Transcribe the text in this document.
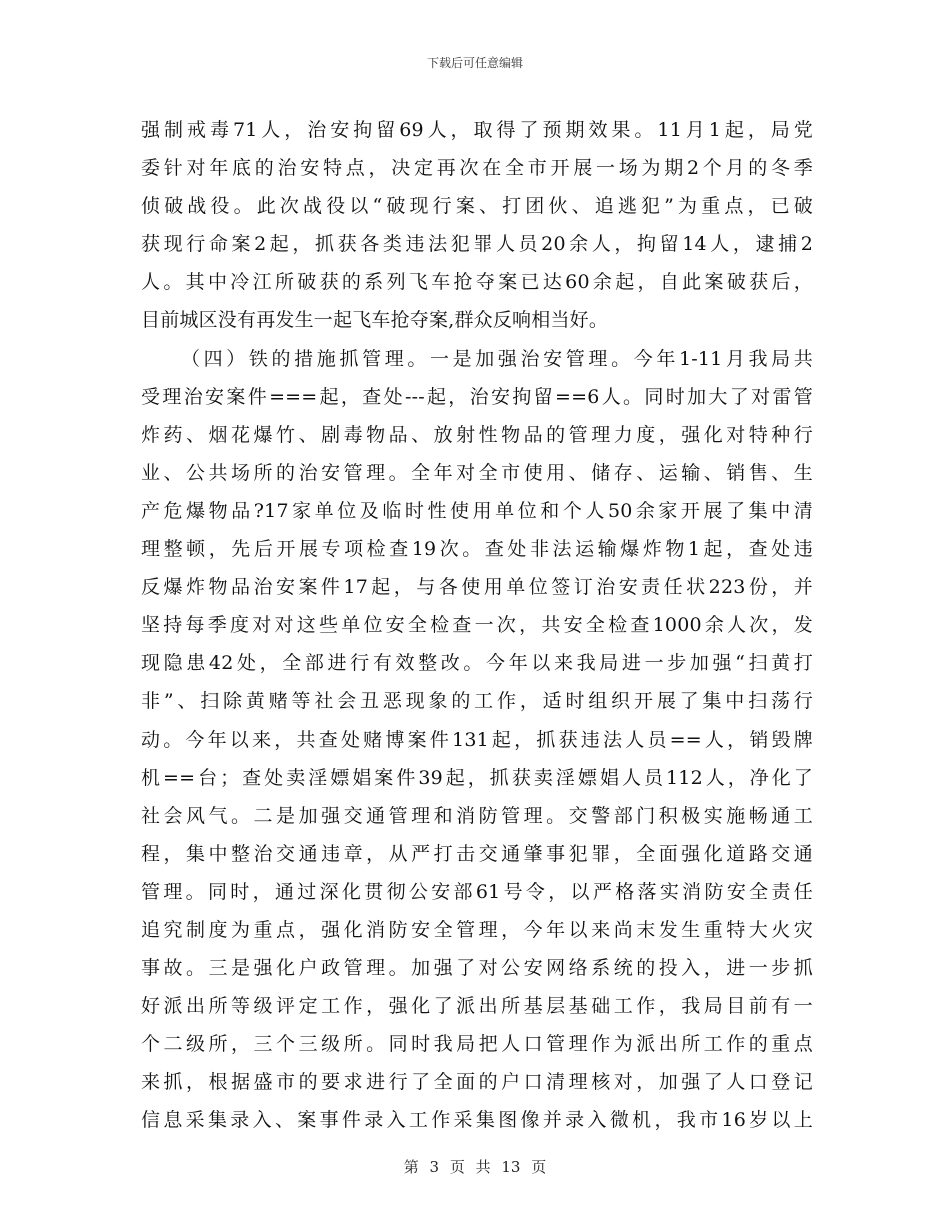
下载后可任意编辑
强制戒毒71人，治安拘留69人，取得了预期效果。11月1起，局党
委针对年底的治安特点，决定再次在全市开展一场为期2个月的冬季
侦破战役。此次战役以“破现行案、打团伙、追逃犯”为重点，已破
获现行命案2起，抓获各类违法犯罪人员20余人，拘留14人，逮捕2
人。其中冷江所破获的系列飞车抢夺案已达60余起，自此案破获后，
目前城区没有再发生一起飞车抢夺案,群众反响相当好。
（四）铁的措施抓管理。一是加强治安管理。今年1-11月我局共
受理治安案件===起，查处---起，治安拘留==6人。同时加大了对雷管
炸药、烟花爆竹、剧毒物品、放射性物品的管理力度，强化对特种行
业、公共场所的治安管理。全年对全市使用、储存、运输、销售、生
产危爆物品?17家单位及临时性使用单位和个人50余家开展了集中清
理整顿，先后开展专项检查19次。查处非法运输爆炸物1起，查处违
反爆炸物品治安案件17起，与各使用单位签订治安责任状223份，并
坚持每季度对对这些单位安全检查一次，共安全检查1000余人次，发
现隐患42处，全部进行有效整改。今年以来我局进一步加强“扫黄打
非”、扫除黄赌等社会丑恶现象的工作，适时组织开展了集中扫荡行
动。今年以来，共查处赌博案件131起，抓获违法人员==人，销毁牌
机==台；查处卖淫嫖娼案件39起，抓获卖淫嫖娼人员112人，净化了
社会风气。二是加强交通管理和消防管理。交警部门积极实施畅通工
程，集中整治交通违章，从严打击交通肇事犯罪，全面强化道路交通
管理。同时，通过深化贯彻公安部61号令，以严格落实消防安全责任
追究制度为重点，强化消防安全管理，今年以来尚末发生重特大火灾
事故。三是强化户政管理。加强了对公安网络系统的投入，进一步抓
好派出所等级评定工作，强化了派出所基层基础工作，我局目前有一
个二级所，三个三级所。同时我局把人口管理作为派出所工作的重点
来抓，根据盛市的要求进行了全面的户口清理核对，加强了人口登记
信息采集录入、案事件录入工作采集图像并录入微机，我市16岁以上
第 3 页 共 13 页
